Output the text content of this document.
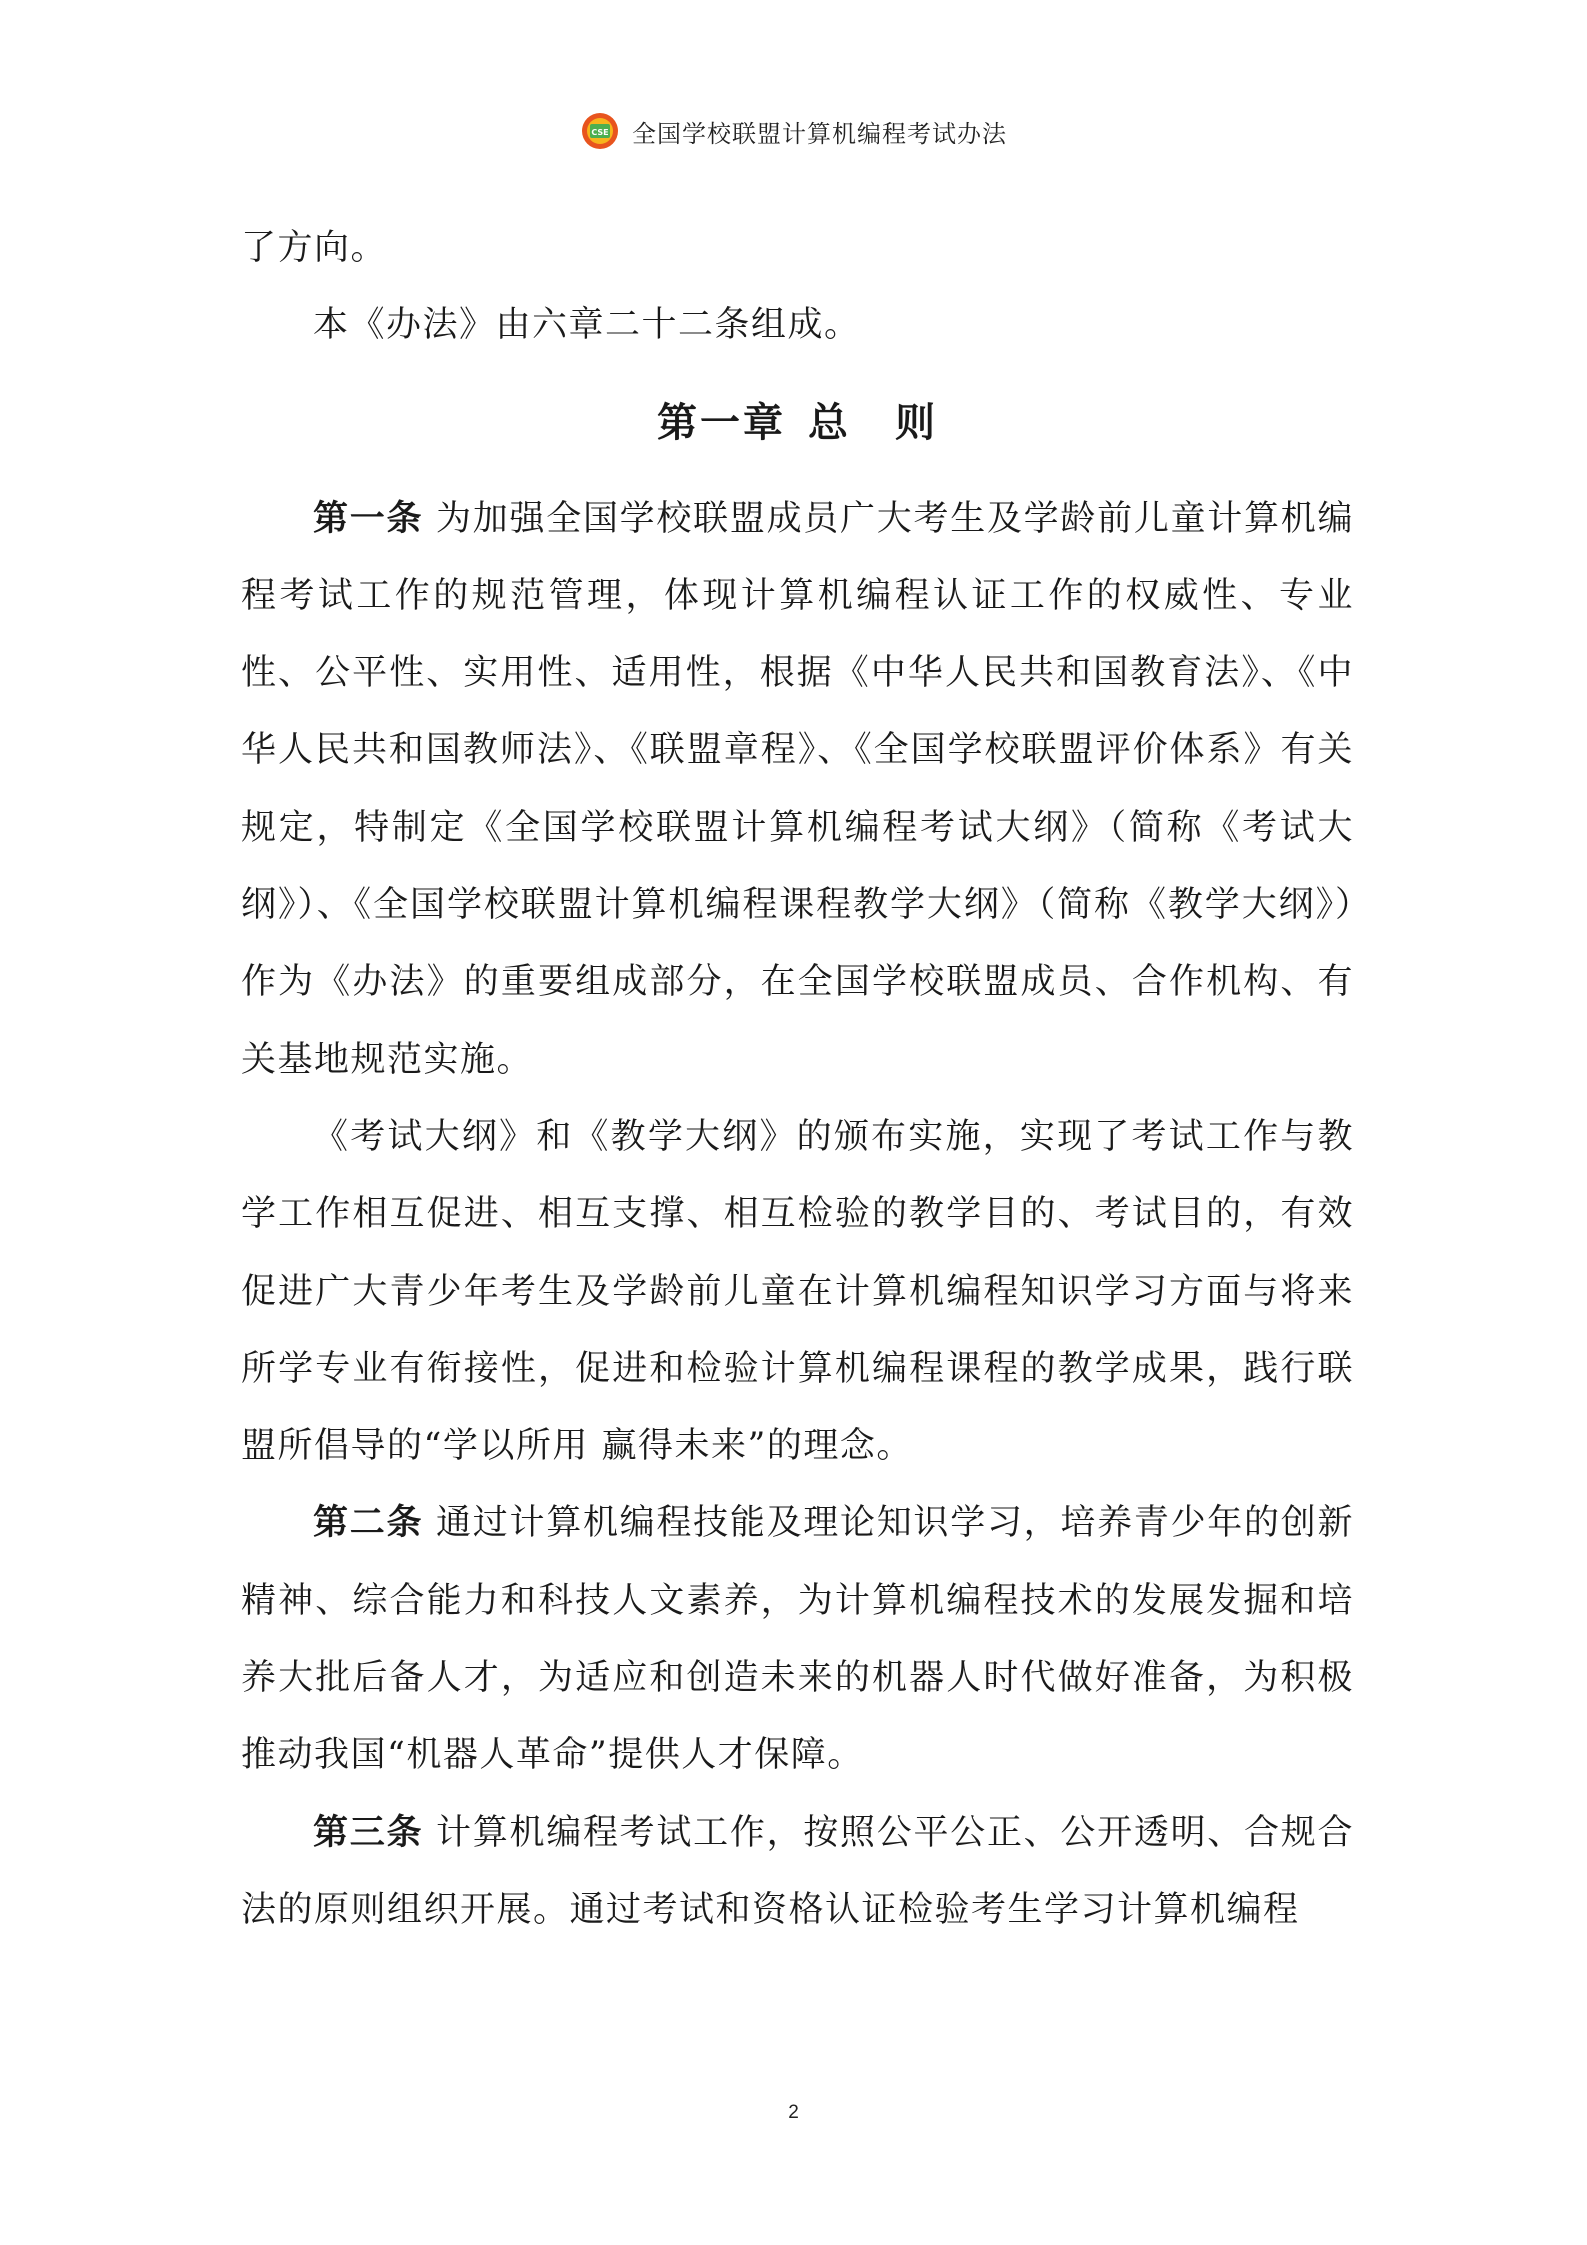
CSE 全国学校联盟计算机编程考试办法

了方向。

本《办法》由六章二十二条组成。

第一章 总 则

第一条 为加强全国学校联盟成员广大考生及学龄前儿童计算机编程考试工作的规范管理，体现计算机编程认证工作的权威性、专业性、公平性、实用性、适用性，根据《中华人民共和国教育法》、《中华人民共和国教师法》、《联盟章程》、《全国学校联盟评价体系》有关规定，特制定《全国学校联盟计算机编程考试大纲》（简称《考试大纲》）、《全国学校联盟计算机编程课程教学大纲》（简称《教学大纲》）作为《办法》的重要组成部分，在全国学校联盟成员、合作机构、有关基地规范实施。

《考试大纲》和《教学大纲》的颁布实施，实现了考试工作与教学工作相互促进、相互支撑、相互检验的教学目的、考试目的，有效促进广大青少年考生及学龄前儿童在计算机编程知识学习方面与将来所学专业有衔接性，促进和检验计算机编程课程的教学成果，践行联盟所倡导的“学以所用 赢得未来”的理念。

第二条 通过计算机编程技能及理论知识学习，培养青少年的创新精神、综合能力和科技人文素养，为计算机编程技术的发展发掘和培养大批后备人才，为适应和创造未来的机器人时代做好准备，为积极推动我国“机器人革命”提供人才保障。

第三条 计算机编程考试工作，按照公平公正、公开透明、合规合法的原则组织开展。通过考试和资格认证检验考生学习计算机编程

2
